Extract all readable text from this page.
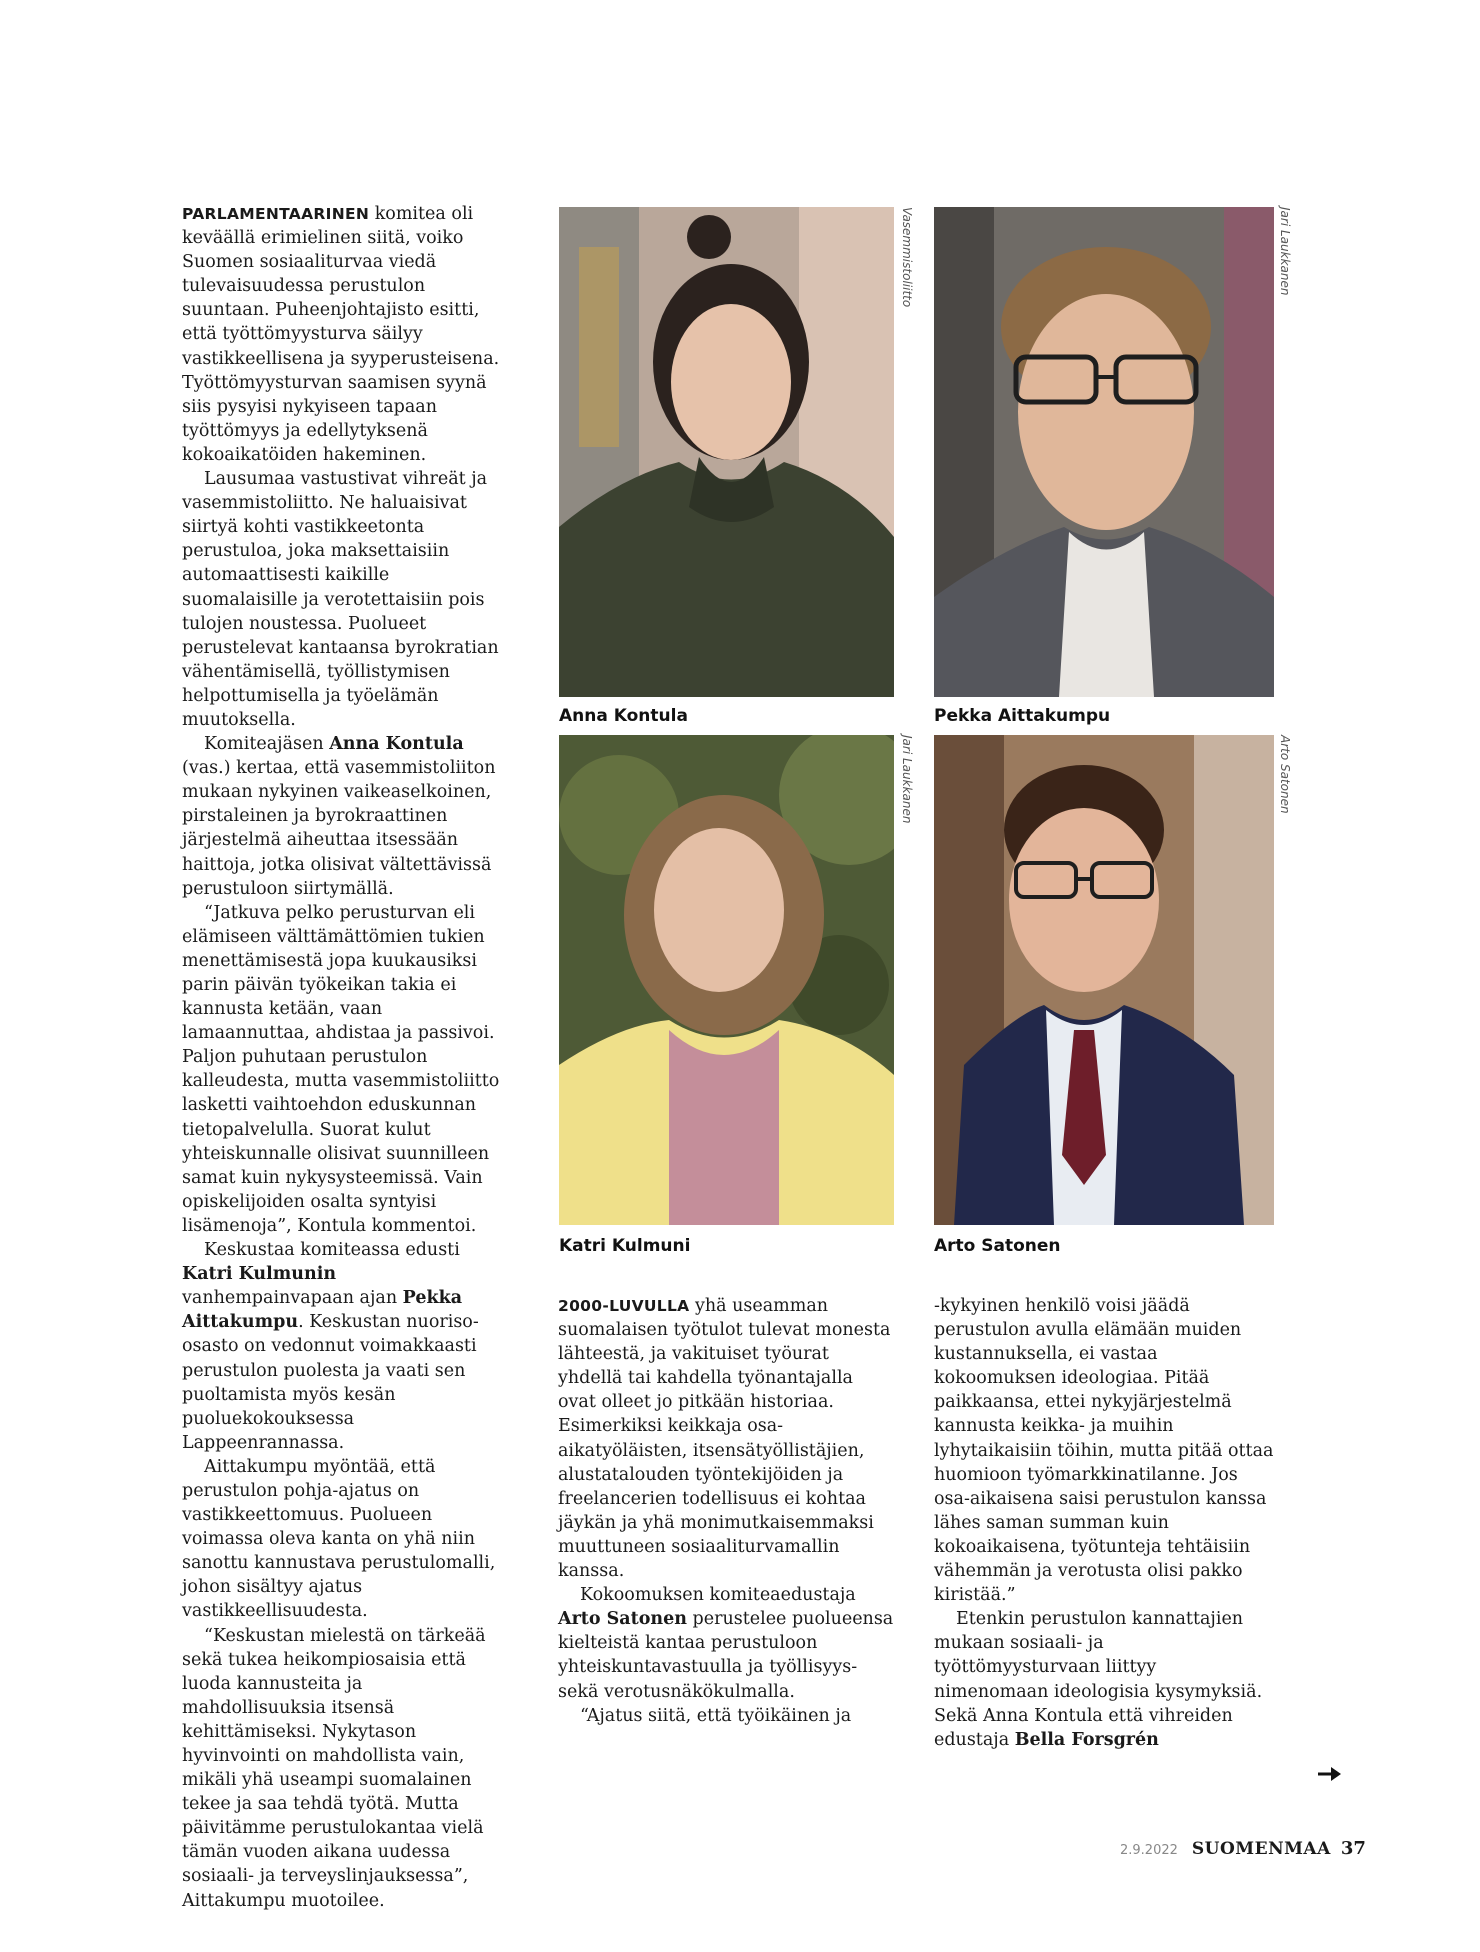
PARLAMENTAARINEN komitea oli keväällä erimielinen siitä, voiko Suomen sosiaaliturvaa viedä tulevaisuudessa perustulon suuntaan. Puheenjohtajisto esitti, että työttömyysturva säilyy vastikkeellisena ja syyperusteisena. Työttömyysturvan saamisen syynä siis pysyisi nykyiseen tapaan työttömyys ja edellytyksenä kokoaikatöiden hakeminen.

Lausumaa vastustivat vihreät ja vasemmistoliitto. Ne haluaisivat siirtyä kohti vastikkeetonta perustuloa, joka maksettaisiin automaattisesti kaikille suomalaisille ja verotettaisiin pois tulojen noustessa. Puolueet perustelevat kantaansa byrokratian vähentämisellä, työllistymisen helpottumisella ja työelämän muutoksella.

Komiteajäsen Anna Kontula (vas.) kertaa, että vasemmistoliiton mukaan nykyinen vaikeaselkoinen, pirstaleinen ja byrokraattinen järjestelmä aiheuttaa itsessään haittoja, jotka olisivat vältettävissä perustuloon siirtymällä.

“Jatkuva pelko perusturvan eli elämiseen välttämättömien tukien menettämisestä jopa kuukausiksi parin päivän työkeikan takia ei kannusta ketään, vaan lamaannuttaa, ahdistaa ja passivoi. Paljon puhutaan perustulon kalleudesta, mutta vasemmistoliitto laskettі vaihtoehdon eduskunnan tietopalvelulla. Suorat kulut yhteiskunnalle olisivat suunnilleen samat kuin nykysysteemissä. Vain opiskelijoiden osalta syntyisi lisämenoja”, Kontula kommentoi.

Keskustaa komiteassa edusti Katri Kulmunin vanhempainvapaan ajan Pekka Aittakumpu. Keskustan nuoriso-osasto on vedonnut voimakkaasti perustulon puolesta ja vaati sen puoltamista myös kesän puoluekokouksessa Lappeenrannassa.

Aittakumpu myöntää, että perustulon pohja-ajatus on vastikkeettomuus. Puolueen voimassa oleva kanta on yhä niin sanottu kannustava perustulomalli, johon sisältyy ajatus vastikkeellisuudesta.

“Keskustan mielestä on tärkeää sekä tukea heikompiosaisia että luoda kannusteita ja mahdollisuuksia itsensä kehittämiseksi. Nykytason hyvinvointi on mahdollista vain, mikäli yhä useampi suomalainen tekee ja saa tehdä työtä. Mutta päivitämme perustulokantaa vielä tämän vuoden aikana uudessa sosiaali- ja terveyslinjauksessa”, Aittakumpu muotoilee.

Vasemmistoliitto
Anna Kontula
Jari Laukkanen
Pekka Aittakumpu
Jari Laukkanen
Katri Kulmuni
Arto Satonen
Arto Satonen

2000-LUVULLA yhä useamman suomalaisen työtulot tulevat monesta lähteestä, ja vakituiset työurat yhdellä tai kahdella työnantajalla ovat olleet jo pitkään historiaa. Esimerkiksi keikkaja osa-aikatyöläisten, itsensätyöllistäjien, alustatalouden työntekijöiden ja freelancerien todellisuus ei kohtaa jäykän ja yhä monimutkaisemmaksi muuttuneen sosiaaliturvamallin kanssa.

Kokoomuksen komiteaedustaja Arto Satonen perustelee puolueensa kielteistä kantaa perustuloon yhteiskuntavastuulla ja työllisyys- sekä verotusnäkökulmalla.

“Ajatus siitä, että työikäinen ja

-kykyinen henkilö voisi jäädä perustulon avulla elämään muiden kustannuksella, ei vastaa kokoomuksen ideologiaa. Pitää paikkaansa, ettei nykyjärjestelmä kannusta keikka- ja muihin lyhytaikaisiin töihin, mutta pitää ottaa huomioon työmarkkinatilanne. Jos osa-aikaisena saisi perustulon kanssa lähes saman summan kuin kokoaikaisena, työtunteja tehtäisiin vähemmän ja verotusta olisi pakko kiristää.”

Etenkin perustulon kannattajien mukaan sosiaali- ja työttömyysturvaan liittyy nimenomaan ideologisia kysymyksiä. Sekä Anna Kontula että vihreiden edustaja Bella Forsgrén

2.9.2022 SUOMENMAA 37
